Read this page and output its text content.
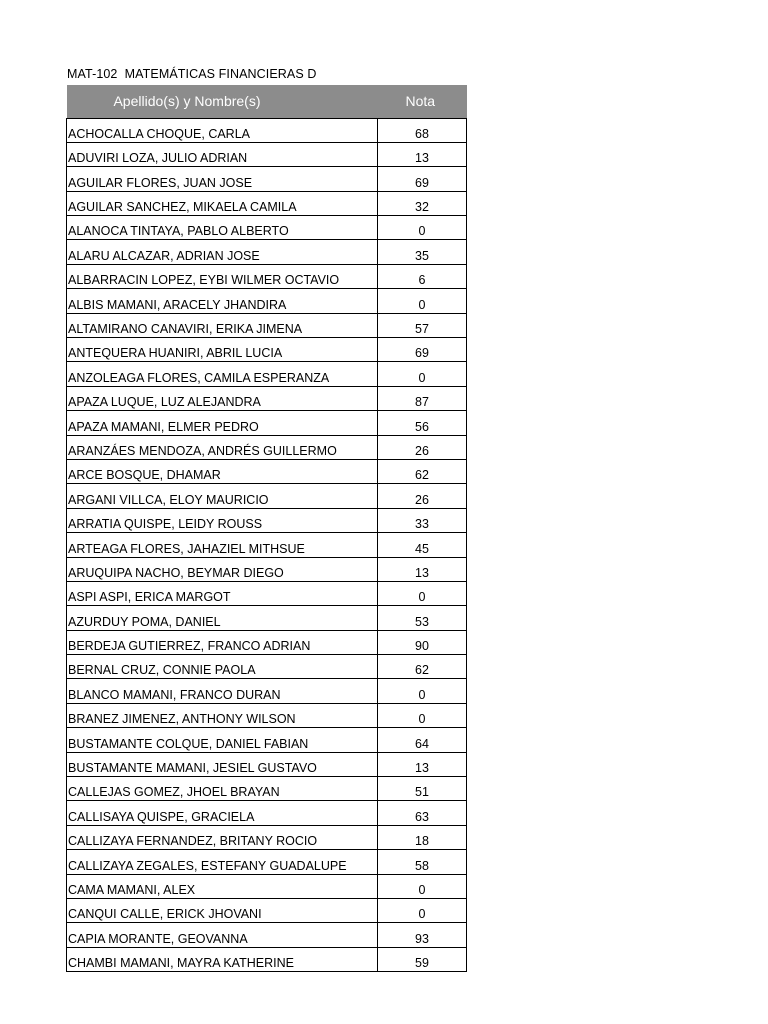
MAT-102  MATEMÁTICAS FINANCIERAS D
Apellido(s) y Nombre(s)	Nota
ACHOCALLA CHOQUE, CARLA	68
ADUVIRI LOZA, JULIO ADRIAN	13
AGUILAR FLORES, JUAN JOSE	69
AGUILAR SANCHEZ, MIKAELA CAMILA	32
ALANOCA TINTAYA, PABLO ALBERTO	0
ALARU ALCAZAR, ADRIAN JOSE	35
ALBARRACIN LOPEZ, EYBI WILMER OCTAVIO	6
ALBIS MAMANI, ARACELY JHANDIRA	0
ALTAMIRANO CANAVIRI, ERIKA JIMENA	57
ANTEQUERA HUANIRI, ABRIL LUCIA	69
ANZOLEAGA FLORES, CAMILA ESPERANZA	0
APAZA LUQUE, LUZ ALEJANDRA	87
APAZA MAMANI, ELMER PEDRO	56
ARANZÁES MENDOZA, ANDRÉS GUILLERMO	26
ARCE BOSQUE, DHAMAR	62
ARGANI VILLCA, ELOY MAURICIO	26
ARRATIA QUISPE, LEIDY ROUSS	33
ARTEAGA FLORES, JAHAZIEL MITHSUE	45
ARUQUIPA NACHO, BEYMAR DIEGO	13
ASPI ASPI, ERICA MARGOT	0
AZURDUY POMA, DANIEL	53
BERDEJA GUTIERREZ, FRANCO ADRIAN	90
BERNAL CRUZ, CONNIE PAOLA	62
BLANCO MAMANI, FRANCO DURAN	0
BRANEZ JIMENEZ, ANTHONY WILSON	0
BUSTAMANTE COLQUE, DANIEL FABIAN	64
BUSTAMANTE MAMANI, JESIEL GUSTAVO	13
CALLEJAS GOMEZ, JHOEL BRAYAN	51
CALLISAYA QUISPE, GRACIELA	63
CALLIZAYA FERNANDEZ, BRITANY ROCIO	18
CALLIZAYA ZEGALES, ESTEFANY GUADALUPE	58
CAMA MAMANI, ALEX	0
CANQUI CALLE, ERICK JHOVANI	0
CAPIA MORANTE, GEOVANNA	93
CHAMBI MAMANI, MAYRA KATHERINE	59
